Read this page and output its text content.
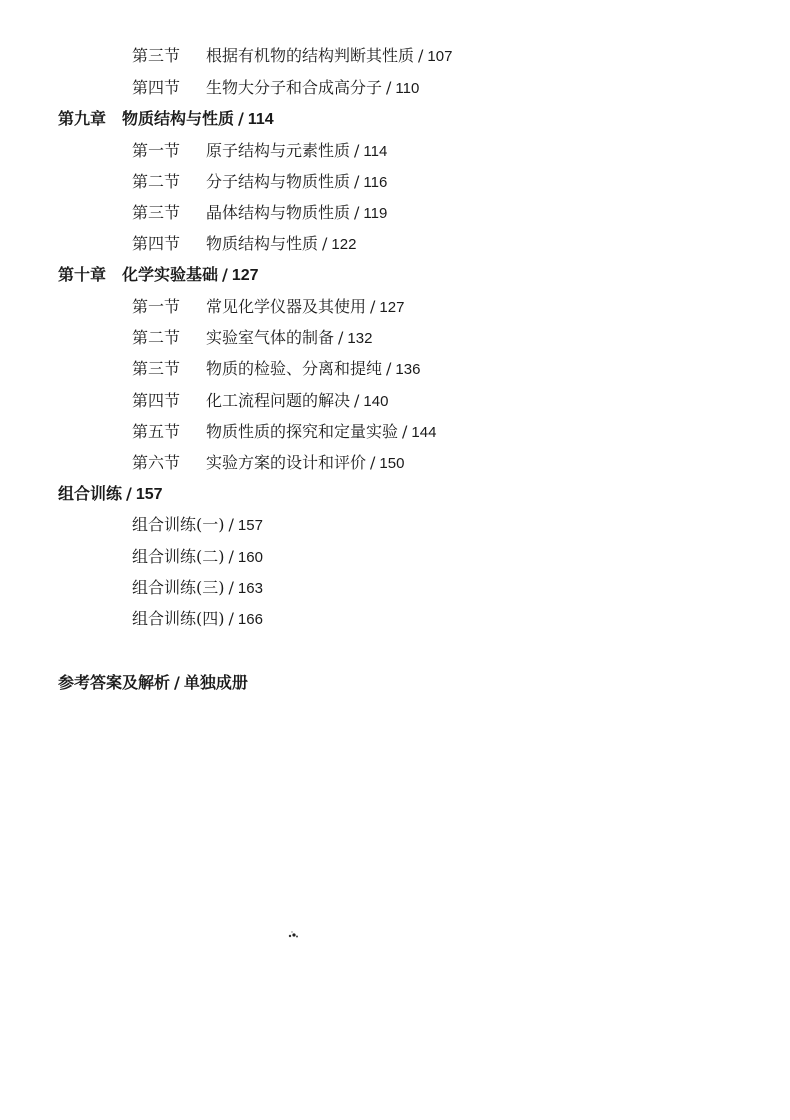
第三节 根据有机物的结构判断其性质 / 107
第四节 生物大分子和合成高分子 / 110
第九章　物质结构与性质 / 114
第一节 原子结构与元素性质 / 114
第二节 分子结构与物质性质 / 116
第三节 晶体结构与物质性质 / 119
第四节 物质结构与性质 / 122
第十章　化学实验基础 / 127
第一节 常见化学仪器及其使用 / 127
第二节 实验室气体的制备 / 132
第三节 物质的检验、分离和提纯 / 136
第四节 化工流程问题的解决 / 140
第五节 物质性质的探究和定量实验 / 144
第六节 实验方案的设计和评价 / 150
组合训练 / 157
组合训练(一) / 157
组合训练(二) / 160
组合训练(三) / 163
组合训练(四) / 166
参考答案及解析 / 单独成册
